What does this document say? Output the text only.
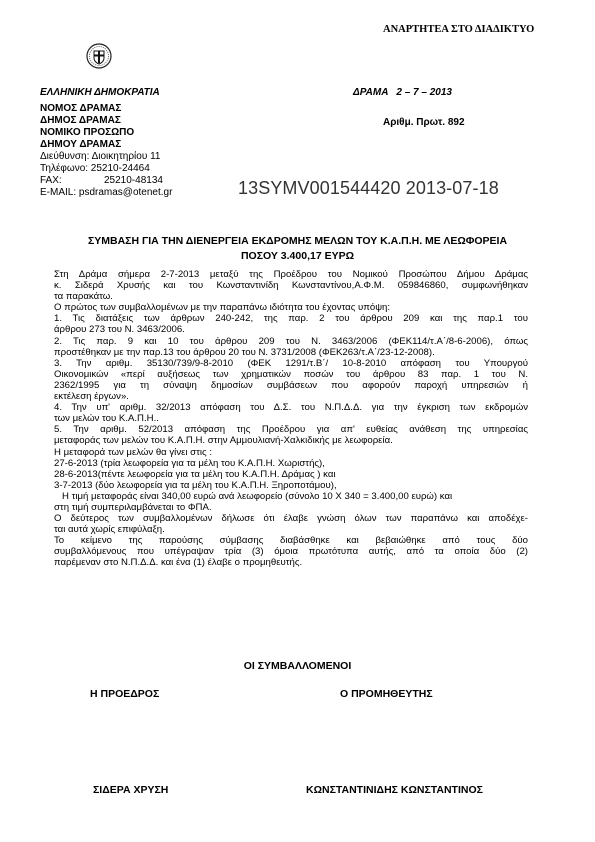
ΑΝΑΡΤΗΤΕΑ ΣΤΟ ΔΙΑΔΙΚΤΥΟ
ΕΛΛΗΝΙΚΗ ΔΗΜΟΚΡΑΤΙΑ
ΝΟΜΟΣ ΔΡΑΜΑΣ
ΔΗΜΟΣ ΔΡΑΜΑΣ
ΝΟΜΙΚΟ ΠΡΟΣΩΠΟ
ΔΗΜΟΥ ΔΡΑΜΑΣ
Διεύθυνση: Διοικητηρίου 11
Τηλέφωνο: 25210-24464
FAX:	25210-48134
E-MAIL: psdramas@otenet.gr
ΔΡΑΜΑ   2 – 7 – 2013
Αριθμ. Πρωτ. 892
13SYMV001544420 2013-07-18
ΣΥΜΒΑΣΗ ΓΙΑ ΤΗΝ ΔΙΕΝΕΡΓΕΙΑ ΕΚΔΡΟΜΗΣ ΜΕΛΩΝ ΤΟΥ Κ.Α.Π.Η. ΜΕ ΛΕΩΦΟΡΕΙΑ
ΠΟΣΟΥ 3.400,17 ΕΥΡΩ

Στη Δράμα σήμερα 2-7-2013 μεταξύ της Προέδρου του Νομικού Προσώπου Δήμου Δράμας

κ. Σιδερά Χρυσής και του Κωνσταντινίδη Κωνσταντίνου,Α.Φ.Μ. 059846860, συμφωνήθηκαν

τα παρακάτω.

Ο πρώτος των συμβαλλομένων με την παραπάνω ιδιότητα του έχοντας υπόψη:

1. Τις διατάξεις των άρθρων 240-242, της παρ. 2 του άρθρου 209 και της παρ.1 του

άρθρου 273 του Ν. 3463/2006.

2. Τις παρ. 9 και 10 του άρθρου 209 του Ν. 3463/2006 (ΦΕΚ114/τ.Α΄/8-6-2006), όπως

προστέθηκαν με την παρ.13 του άρθρου 20 του Ν. 3731/2008 (ΦΕΚ263/τ.Α΄/23-12-2008).

3. Την αριθμ. 35130/739/9-8-2010 (ΦΕΚ 1291/τ.Β΄/ 10-8-2010 απόφαση του Υπουργού

Οικονομικών «περί αυξήσεως των χρηματικών ποσών του άρθρου 83 παρ. 1 του Ν.

2362/1995 για τη σύναψη δημοσίων συμβάσεων που αφορούν παροχή υπηρεσιών ή

εκτέλεση έργων».

4. Την υπ' αριθμ. 32/2013 απόφαση του Δ.Σ. του Ν.Π.Δ.Δ. για την έγκριση των εκδρομών

των μελών του Κ.Α.Π.Η..

5. Την αριθμ. 52/2013 απόφαση της Προέδρου για απ' ευθείας ανάθεση της υπηρεσίας

μεταφοράς των μελών του Κ.Α.Π.Η. στην Αμμουλιανή-Χαλκιδικής με λεωφορεία.

Η μεταφορά των μελών θα γίνει στις :

27-6-2013 (τρία λεωφορεία για τα μέλη του Κ.Α.Π.Η. Χωριστής),

28-6-2013(πέντε λεωφορεία για τα μέλη του Κ.Α.Π.Η. Δράμας ) και

3-7-2013 (δύο λεωφορεία για τα μέλη του Κ.Α.Π.Η. Ξηροποτάμου),

Η τιμή μεταφοράς είναι 340,00 ευρώ ανά λεωφορείο (σύνολο 10 Χ 340 = 3.400,00 ευρώ) και

στη τιμή συμπεριλαμβάνεται το ΦΠΑ.

Ο δεύτερος των συμβαλλομένων δήλωσε ότι έλαβε γνώση όλων των παραπάνω και αποδέχε-

ται αυτά χωρίς επιφύλαξη.

Το κείμενο της παρούσης σύμβασης διαβάσθηκε και βεβαιώθηκε από τους δύο

συμβαλλόμενους που υπέγραψαν τρία (3) όμοια πρωτότυπα αυτής, από τα οποία δύο (2)

παρέμεναν στο Ν.Π.Δ.Δ. και ένα (1) έλαβε ο προμηθευτής.

ΟΙ ΣΥΜΒΑΛΛΟΜΕΝΟΙ
Η ΠΡΟΕΔΡΟΣ	Ο ΠΡΟΜΗΘΕΥΤΗΣ
ΣΙΔΕΡΑ ΧΡΥΣΗ	ΚΩΝΣΤΑΝΤΙΝΙΔΗΣ ΚΩΝΣΤΑΝΤΙΝΟΣ
